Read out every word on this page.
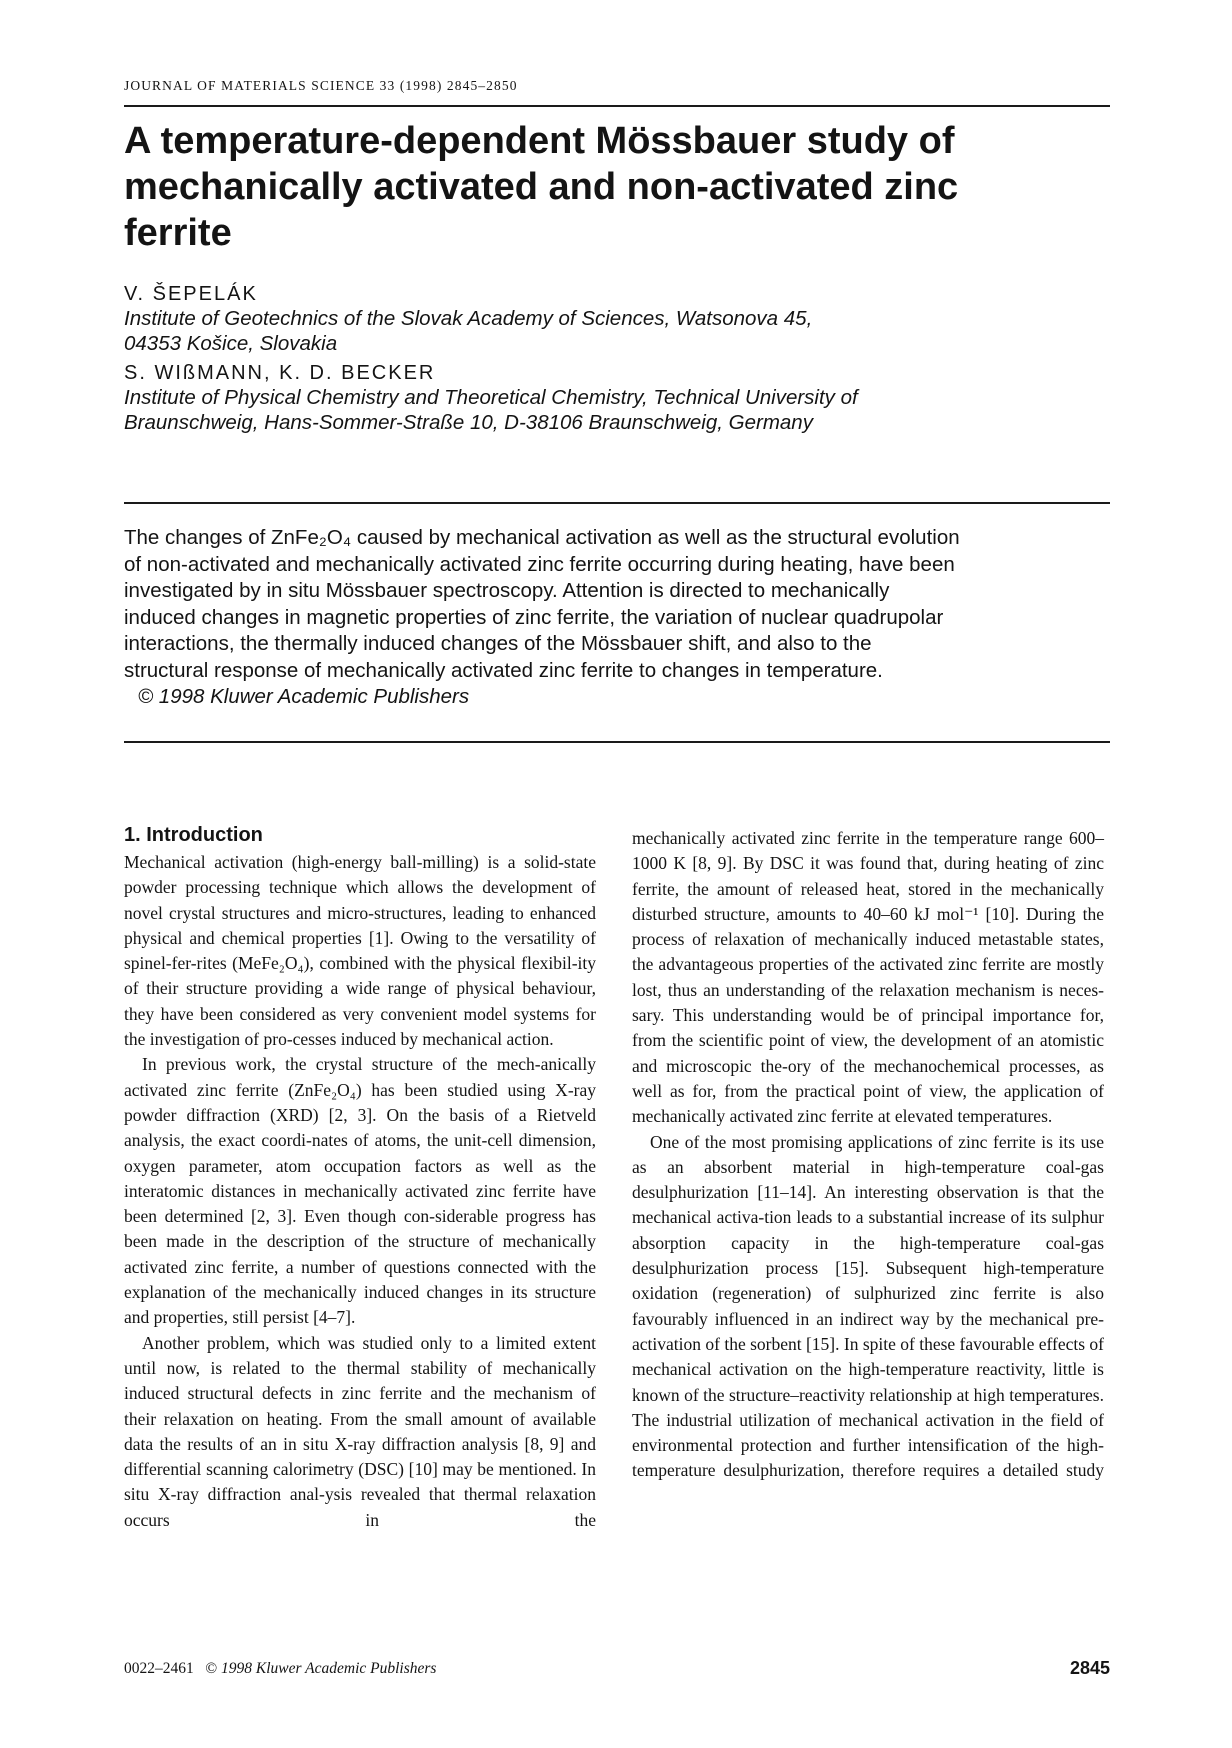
JOURNAL OF MATERIALS SCIENCE 33 (1998) 2845–2850
A temperature-dependent Mössbauer study of
mechanically activated and non-activated zinc
ferrite
V. ŠEPELÁK
Institute of Geotechnics of the Slovak Academy of Sciences, Watsonova 45,
04353 Košice, Slovakia
S. WIßMANN, K. D. BECKER
Institute of Physical Chemistry and Theoretical Chemistry, Technical University of
Braunschweig, Hans-Sommer-Straße 10, D-38106 Braunschweig, Germany
The changes of ZnFe₂O₄ caused by mechanical activation as well as the structural evolution
of non-activated and mechanically activated zinc ferrite occurring during heating, have been
investigated by in situ Mössbauer spectroscopy. Attention is directed to mechanically
induced changes in magnetic properties of zinc ferrite, the variation of nuclear quadrupolar
interactions, the thermally induced changes of the Mössbauer shift, and also to the
structural response of mechanically activated zinc ferrite to changes in temperature.
© 1998 Kluwer Academic Publishers
1. Introduction

Mechanical activation (high-energy ball-milling) is a solid-state powder processing technique which allows the development of novel crystal structures and micro-structures, leading to enhanced physical and chemical properties [1]. Owing to the versatility of spinel-fer-rites (MeFe₂O₄), combined with the physical flexibil-ity of their structure providing a wide range of physical behaviour, they have been considered as very convenient model systems for the investigation of pro-cesses induced by mechanical action.

In previous work, the crystal structure of the mech-anically activated zinc ferrite (ZnFe₂O₄) has been studied using X-ray powder diffraction (XRD) [2, 3]. On the basis of a Rietveld analysis, the exact coordi-nates of atoms, the unit-cell dimension, oxygen parameter, atom occupation factors as well as the interatomic distances in mechanically activated zinc ferrite have been determined [2, 3]. Even though con-siderable progress has been made in the description of the structure of mechanically activated zinc ferrite, a number of questions connected with the explanation of the mechanically induced changes in its structure and properties, still persist [4–7].

Another problem, which was studied only to a limited extent until now, is related to the thermal stability of mechanically induced structural defects in zinc ferrite and the mechanism of their relaxation on heating. From the small amount of available data the results of an in situ X-ray diffraction analysis [8, 9] and differential scanning calorimetry (DSC) [10] may be mentioned. In situ X-ray diffraction anal-ysis revealed that thermal relaxation occurs in the

mechanically activated zinc ferrite in the temperature range 600–1000 K [8, 9]. By DSC it was found that, during heating of zinc ferrite, the amount of released heat, stored in the mechanically disturbed structure, amounts to 40–60 kJ mol⁻¹ [10]. During the process of relaxation of mechanically induced metastable states, the advantageous properties of the activated zinc ferrite are mostly lost, thus an understanding of the relaxation mechanism is neces-sary. This understanding would be of principal importance for, from the scientific point of view, the development of an atomistic and microscopic the-ory of the mechanochemical processes, as well as for, from the practical point of view, the application of mechanically activated zinc ferrite at elevated temperatures.

One of the most promising applications of zinc ferrite is its use as an absorbent material in high-temperature coal-gas desulphurization [11–14]. An interesting observation is that the mechanical activa-tion leads to a substantial increase of its sulphur absorption capacity in the high-temperature coal-gas desulphurization process [15]. Subsequent high-temperature oxidation (regeneration) of sulphurized zinc ferrite is also favourably influenced in an indirect way by the mechanical pre-activation of the sorbent [15]. In spite of these favourable effects of mechanical activation on the high-temperature reactivity, little is known of the structure–reactivity relationship at high temperatures. The industrial utilization of mechanical activation in the field of environmental protection and further intensification of the high-temperature desulphurization, therefore requires a detailed study

0022–2461 © 1998 Kluwer Academic Publishers	2845
